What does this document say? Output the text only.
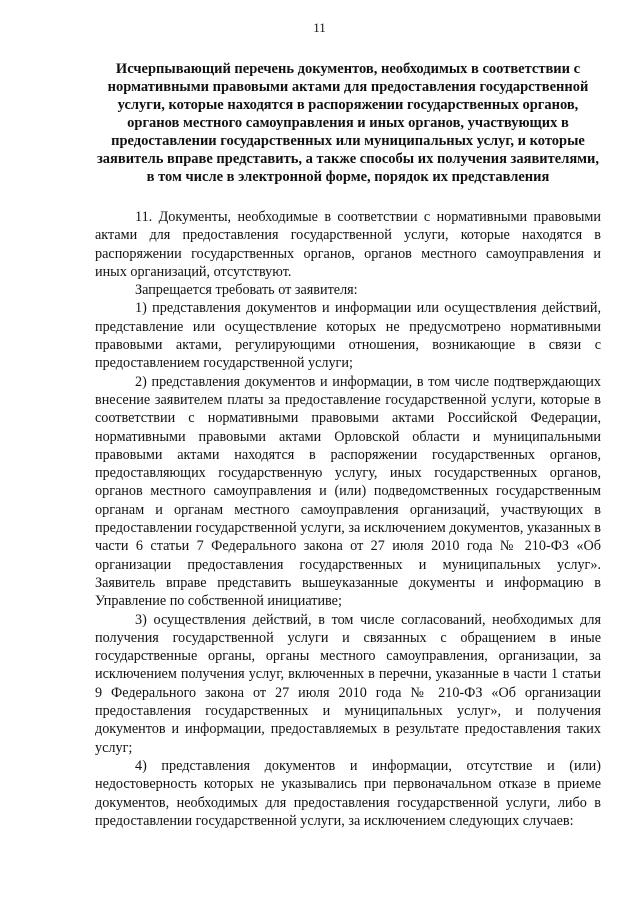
11
Исчерпывающий перечень документов, необходимых в соответствии с нормативными правовыми актами для предоставления государственной услуги, которые находятся в распоряжении государственных органов, органов местного самоуправления и иных органов, участвующих в предоставлении государственных или муниципальных услуг, и которые заявитель вправе представить, а также способы их получения заявителями, в том числе в электронной форме, порядок их представления

11. Документы, необходимые в соответствии с нормативными правовыми актами для предоставления государственной услуги, которые находятся в распоряжении государственных органов, органов местного самоуправления и иных организаций, отсутствуют.

Запрещается требовать от заявителя:

1) представления документов и информации или осуществления действий, представление или осуществление которых не предусмотрено нормативными правовыми актами, регулирующими отношения, возникающие в связи с предоставлением государственной услуги;

2) представления документов и информации, в том числе подтверждающих внесение заявителем платы за предоставление государственной услуги, которые в соответствии с нормативными правовыми актами Российской Федерации, нормативными правовыми актами Орловской области и муниципальными правовыми актами находятся в распоряжении государственных органов, предоставляющих государственную услугу, иных государственных органов, органов местного самоуправления и (или) подведомственных государственным органам и органам местного самоуправления организаций, участвующих в предоставлении государственной услуги, за исключением документов, указанных в части 6 статьи 7 Федерального закона от 27 июля 2010 года № 210-ФЗ «Об организации предоставления государственных и муниципальных услуг». Заявитель вправе представить вышеуказанные документы и информацию в Управление по собственной инициативе;

3) осуществления действий, в том числе согласований, необходимых для получения государственной услуги и связанных с обращением в иные государственные органы, органы местного самоуправления, организации, за исключением получения услуг, включенных в перечни, указанные в части 1 статьи 9 Федерального закона от 27 июля 2010 года № 210-ФЗ «Об организации предоставления государственных и муниципальных услуг», и получения документов и информации, предоставляемых в результате предоставления таких услуг;

4) представления документов и информации, отсутствие и (или) недостоверность которых не указывались при первоначальном отказе в приеме документов, необходимых для предоставления государственной услуги, либо в предоставлении государственной услуги, за исключением следующих случаев:
